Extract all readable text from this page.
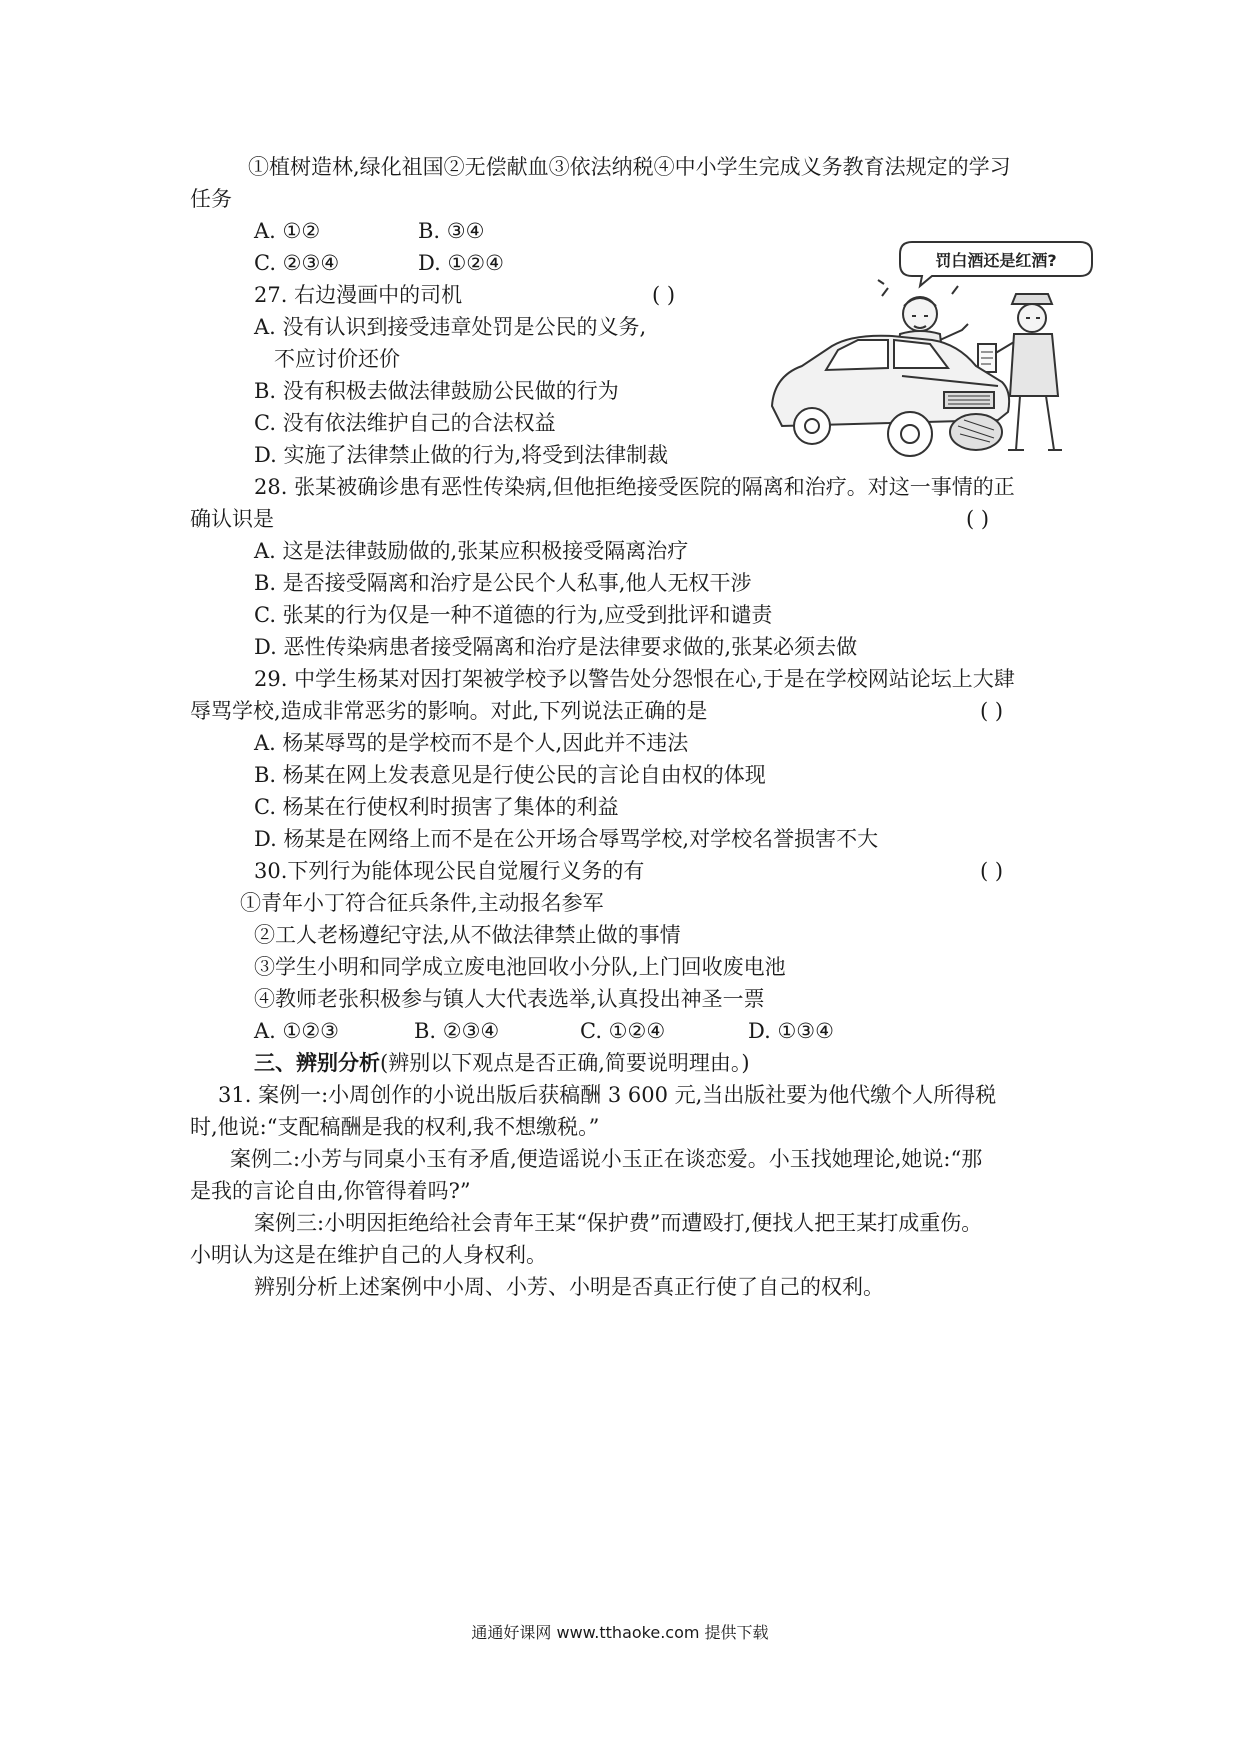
①植树造林,绿化祖国②无偿献血③依法纳税④中小学生完成义务教育法规定的学习
任务
A. ①②	B. ③④
C. ②③④	D. ①②④
27. 右边漫画中的司机	( )
A. 没有认识到接受违章处罚是公民的义务,
不应讨价还价
B. 没有积极去做法律鼓励公民做的行为
C. 没有依法维护自己的合法权益
D. 实施了法律禁止做的行为,将受到法律制裁
罚白酒还是红酒?
28. 张某被确诊患有恶性传染病,但他拒绝接受医院的隔离和治疗。对这一事情的正
确认识是	( )
A. 这是法律鼓励做的,张某应积极接受隔离治疗
B. 是否接受隔离和治疗是公民个人私事,他人无权干涉
C. 张某的行为仅是一种不道德的行为,应受到批评和谴责
D. 恶性传染病患者接受隔离和治疗是法律要求做的,张某必须去做
29. 中学生杨某对因打架被学校予以警告处分怨恨在心,于是在学校网站论坛上大肆
辱骂学校,造成非常恶劣的影响。对此,下列说法正确的是	( )
A. 杨某辱骂的是学校而不是个人,因此并不违法
B. 杨某在网上发表意见是行使公民的言论自由权的体现
C. 杨某在行使权利时损害了集体的利益
D. 杨某是在网络上而不是在公开场合辱骂学校,对学校名誉损害不大
30.下列行为能体现公民自觉履行义务的有	( )
①青年小丁符合征兵条件,主动报名参军
②工人老杨遵纪守法,从不做法律禁止做的事情
③学生小明和同学成立废电池回收小分队,上门回收废电池
④教师老张积极参与镇人大代表选举,认真投出神圣一票
A. ①②③	B. ②③④	C. ①②④	D. ①③④
三、辨别分析(辨别以下观点是否正确,简要说明理由。)
31. 案例一:小周创作的小说出版后获稿酬 3 600 元,当出版社要为他代缴个人所得税
时,他说:“支配稿酬是我的权利,我不想缴税。”
案例二:小芳与同桌小玉有矛盾,便造谣说小玉正在谈恋爱。小玉找她理论,她说:“那
是我的言论自由,你管得着吗?”
案例三:小明因拒绝给社会青年王某“保护费”而遭殴打,便找人把王某打成重伤。
小明认为这是在维护自己的人身权利。
辨别分析上述案例中小周、小芳、小明是否真正行使了自己的权利。
通通好课网 www.tthaoke.com 提供下载
